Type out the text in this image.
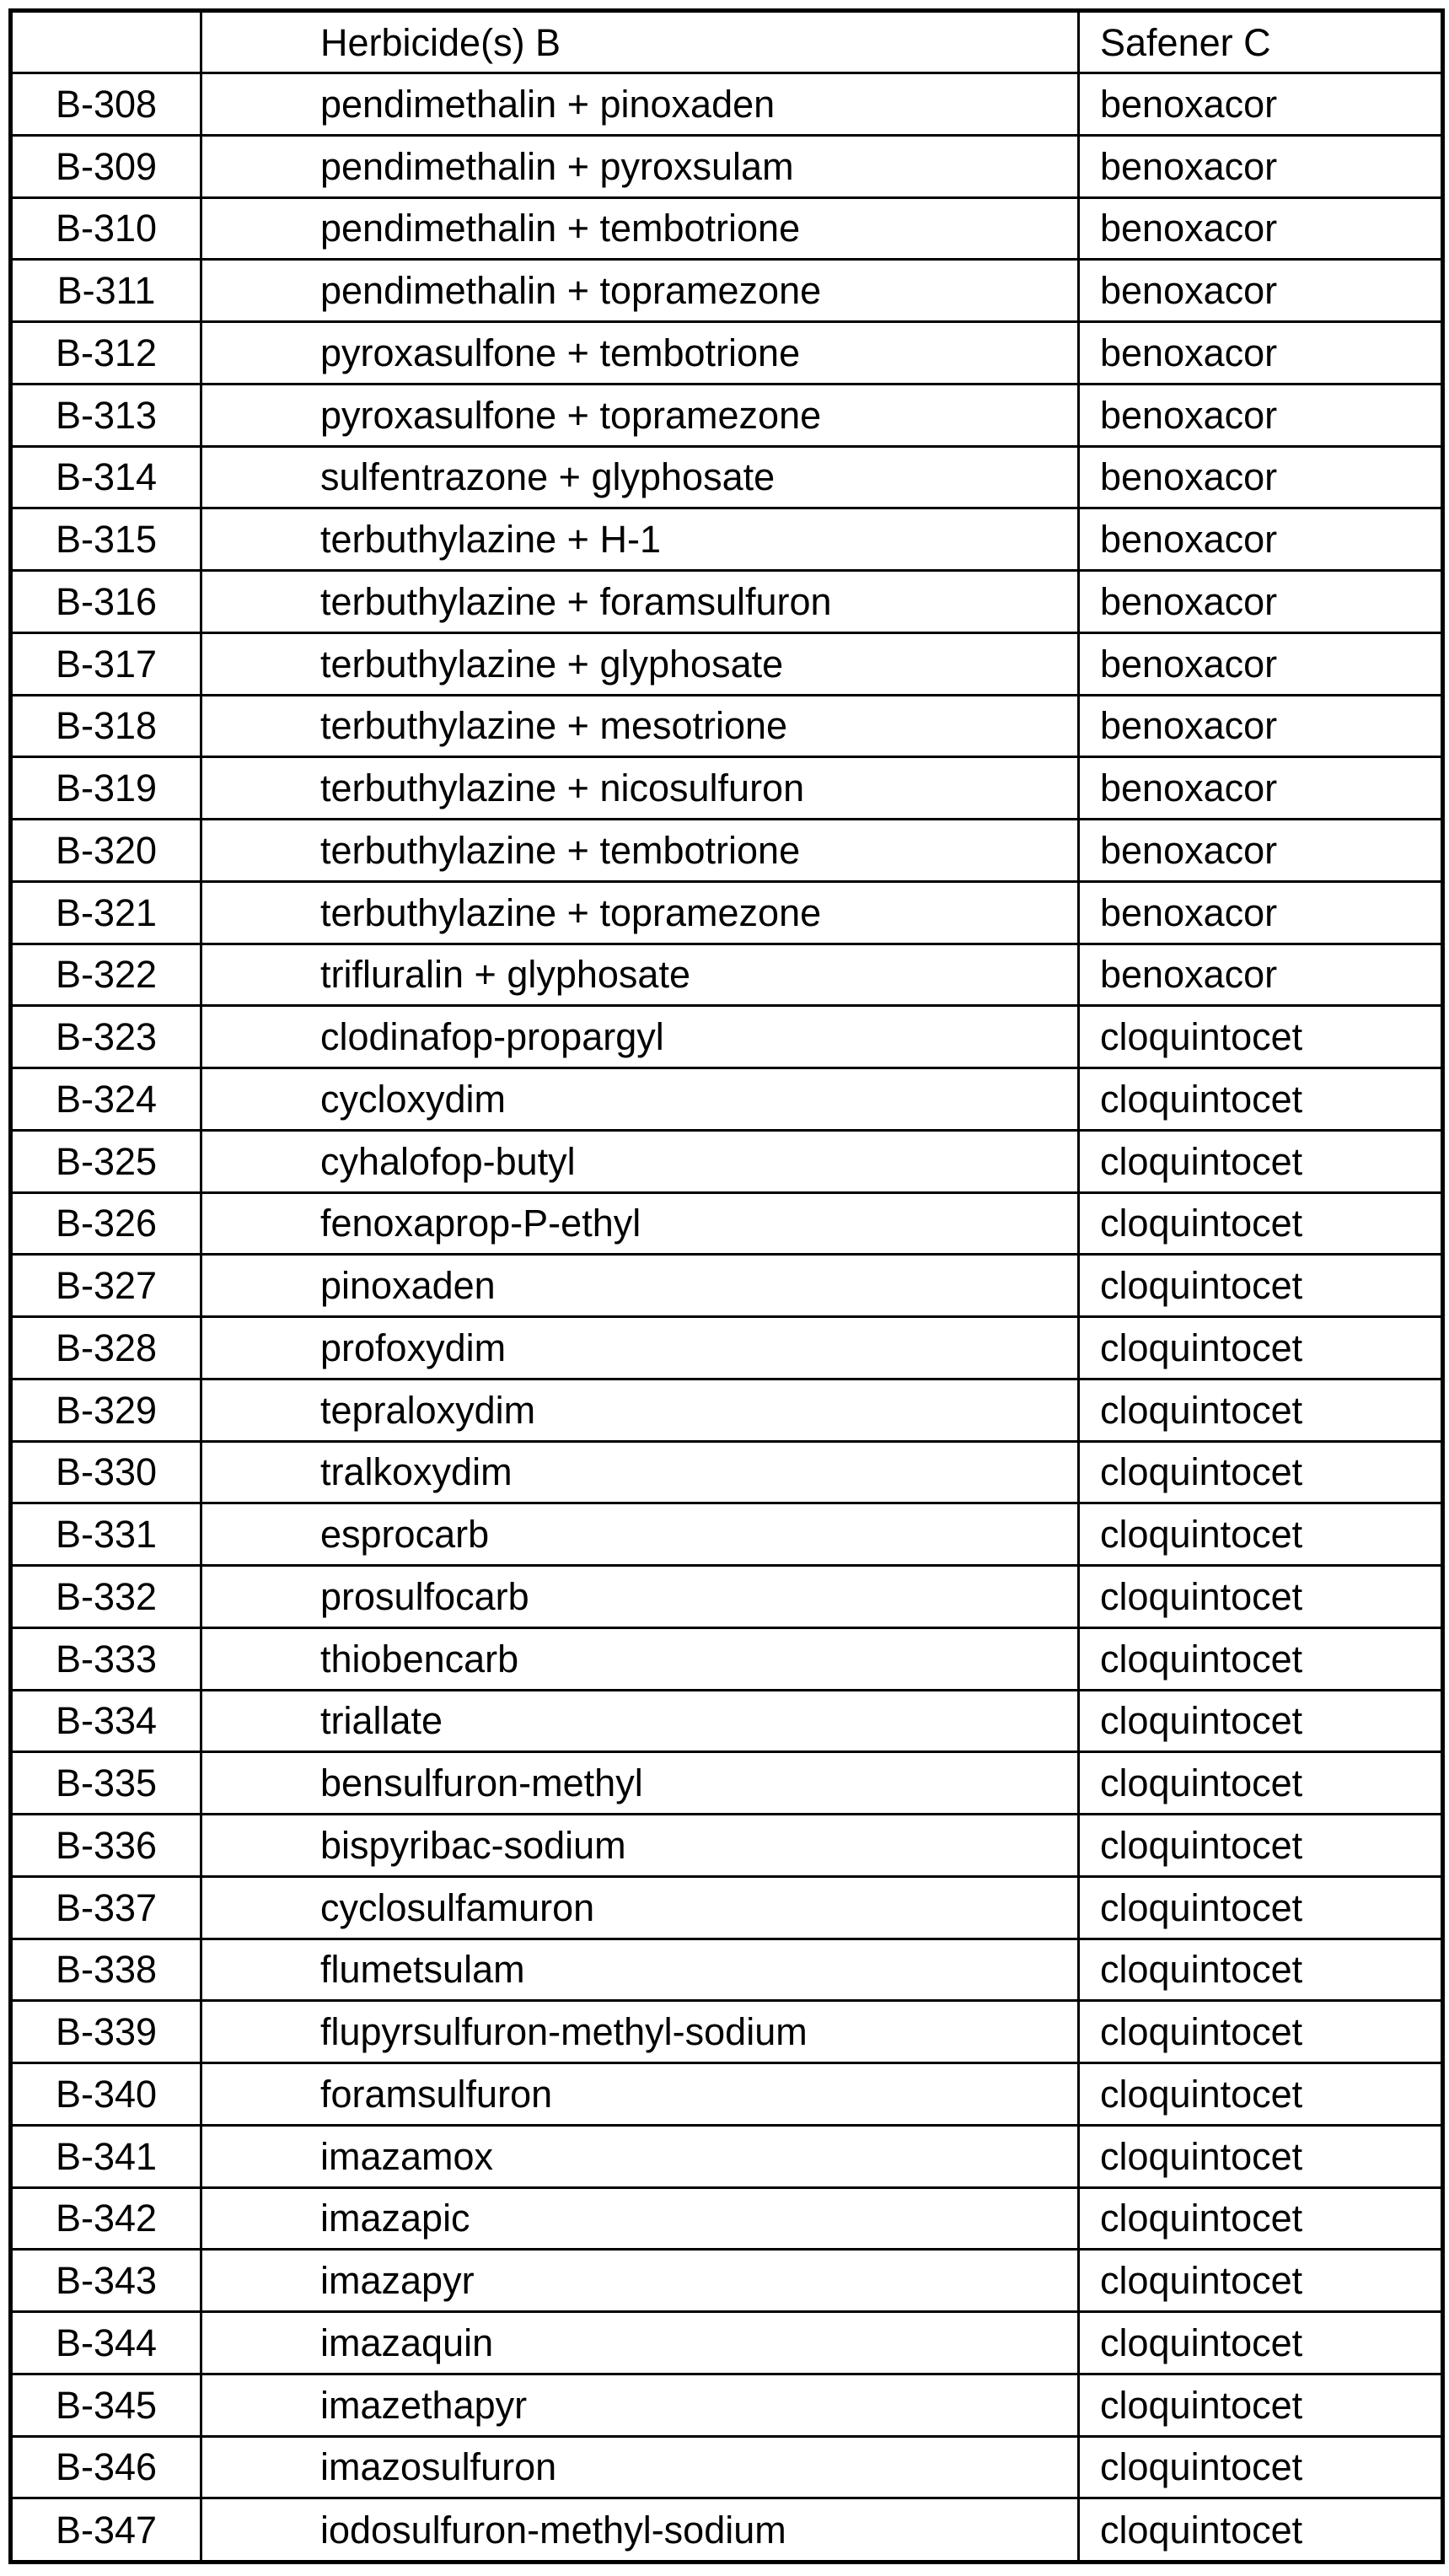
	Herbicide(s) B	Safener C
B-308	pendimethalin + pinoxaden	benoxacor
B-309	pendimethalin + pyroxsulam	benoxacor
B-310	pendimethalin + tembotrione	benoxacor
B-311	pendimethalin + topramezone	benoxacor
B-312	pyroxasulfone + tembotrione	benoxacor
B-313	pyroxasulfone + topramezone	benoxacor
B-314	sulfentrazone + glyphosate	benoxacor
B-315	terbuthylazine + H-1	benoxacor
B-316	terbuthylazine + foramsulfuron	benoxacor
B-317	terbuthylazine + glyphosate	benoxacor
B-318	terbuthylazine + mesotrione	benoxacor
B-319	terbuthylazine + nicosulfuron	benoxacor
B-320	terbuthylazine + tembotrione	benoxacor
B-321	terbuthylazine + topramezone	benoxacor
B-322	trifluralin + glyphosate	benoxacor
B-323	clodinafop-propargyl	cloquintocet
B-324	cycloxydim	cloquintocet
B-325	cyhalofop-butyl	cloquintocet
B-326	fenoxaprop-P-ethyl	cloquintocet
B-327	pinoxaden	cloquintocet
B-328	profoxydim	cloquintocet
B-329	tepraloxydim	cloquintocet
B-330	tralkoxydim	cloquintocet
B-331	esprocarb	cloquintocet
B-332	prosulfocarb	cloquintocet
B-333	thiobencarb	cloquintocet
B-334	triallate	cloquintocet
B-335	bensulfuron-methyl	cloquintocet
B-336	bispyribac-sodium	cloquintocet
B-337	cyclosulfamuron	cloquintocet
B-338	flumetsulam	cloquintocet
B-339	flupyrsulfuron-methyl-sodium	cloquintocet
B-340	foramsulfuron	cloquintocet
B-341	imazamox	cloquintocet
B-342	imazapic	cloquintocet
B-343	imazapyr	cloquintocet
B-344	imazaquin	cloquintocet
B-345	imazethapyr	cloquintocet
B-346	imazosulfuron	cloquintocet
B-347	iodosulfuron-methyl-sodium	cloquintocet
